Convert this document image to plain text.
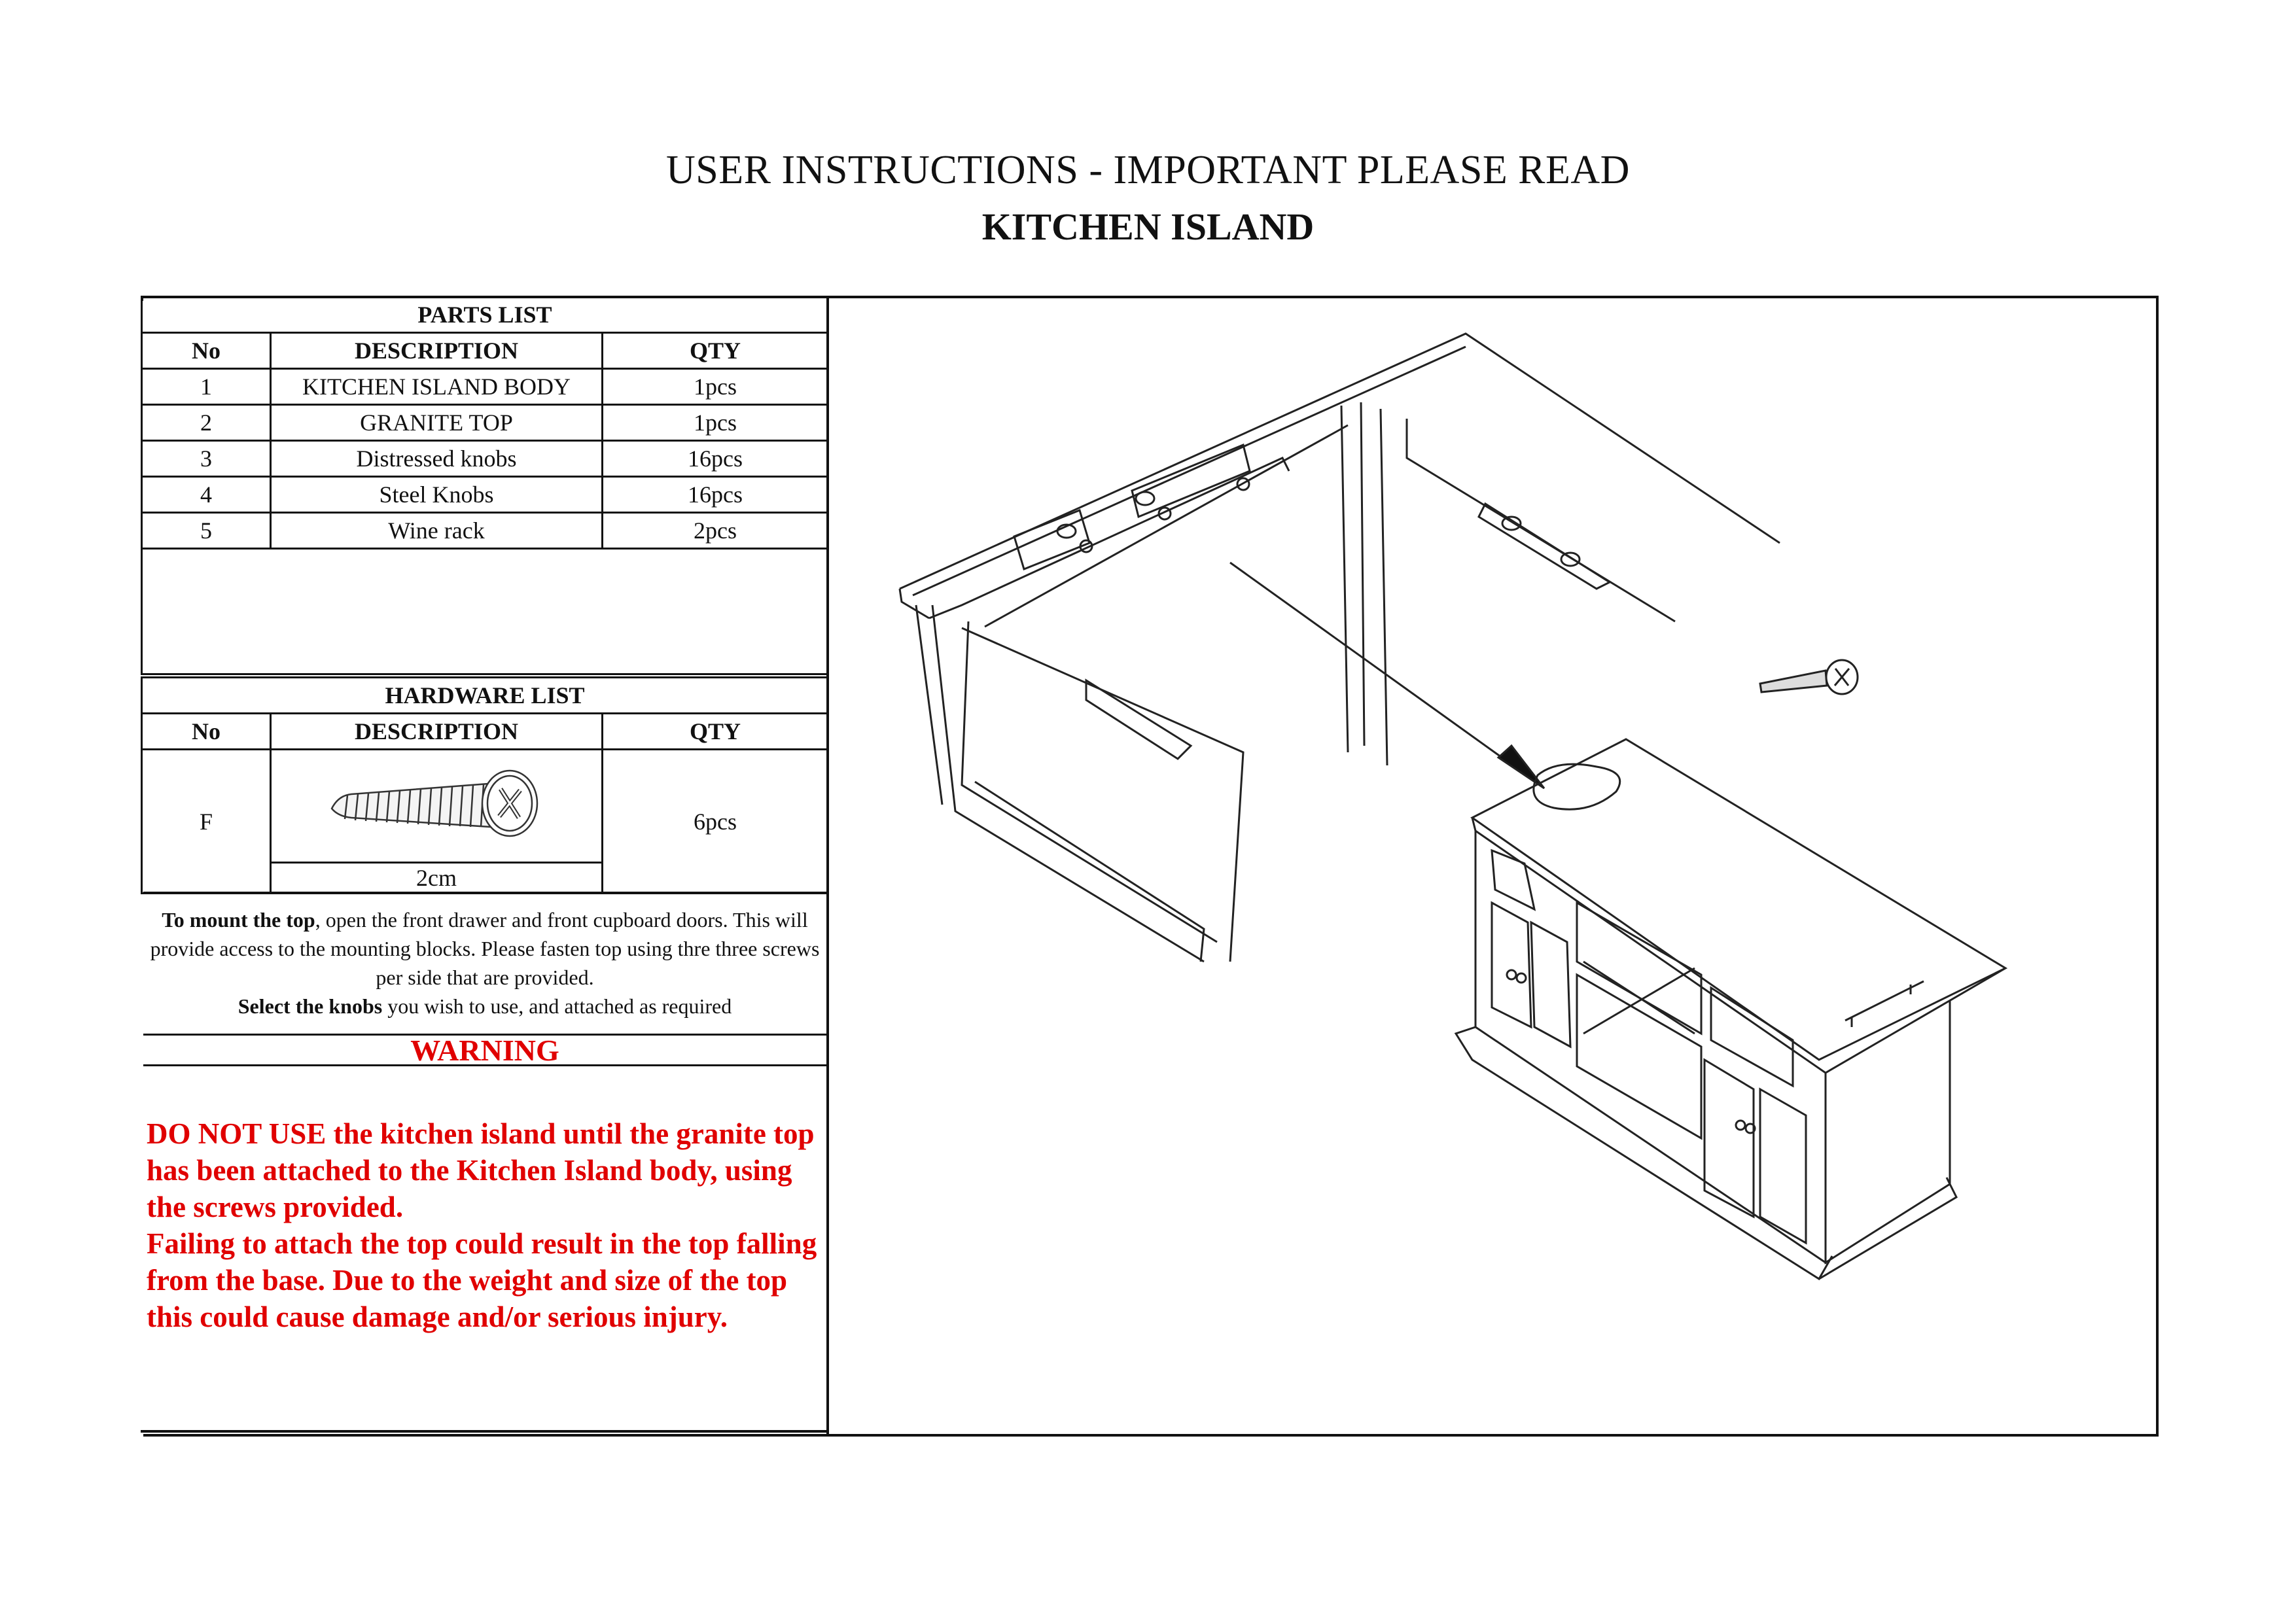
USER INSTRUCTIONS - IMPORTANT PLEASE READ
KITCHEN ISLAND
PARTS LIST		
No	DESCRIPTION	QTY
1	KITCHEN ISLAND BODY	1pcs
2	GRANITE TOP	1pcs
3	Distressed knobs	16pcs
4	Steel Knobs	16pcs
5	Wine rack	2pcs

HARDWARE LIST		
No	DESCRIPTION	QTY
F		6pcs
	2cm	
To mount the top, open the front drawer and front cupboard doors. This will provide access to the mounting blocks. Please fasten top using thre three screws per side that are provided.
Select the knobs you wish to use, and attached as required
WARNING
DO NOT USE the kitchen island until the granite top has been attached to the Kitchen Island body, using the screws provided.
Failing to attach the top could result in the top falling from the base. Due to the weight and size of the top this could cause damage and/or serious injury.
